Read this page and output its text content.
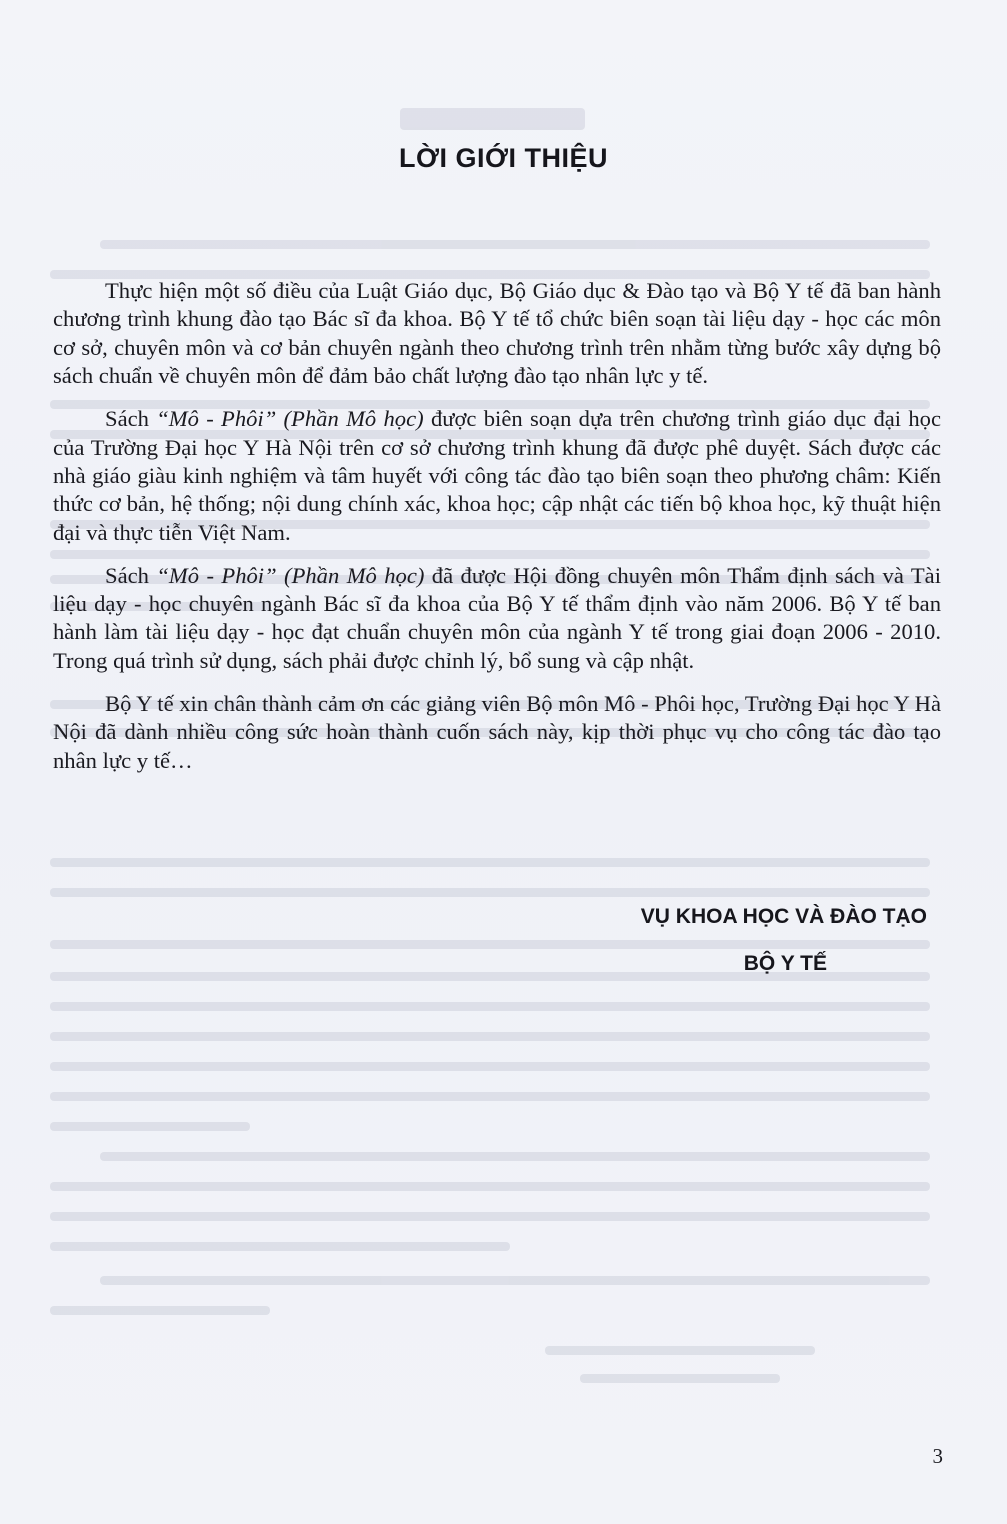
LỜI GIỚI THIỆU

Thực hiện một số điều của Luật Giáo dục, Bộ Giáo dục & Đào tạo và Bộ Y tế đã ban hành chương trình khung đào tạo Bác sĩ đa khoa. Bộ Y tế tổ chức biên soạn tài liệu dạy - học các môn cơ sở, chuyên môn và cơ bản chuyên ngành theo chương trình trên nhằm từng bước xây dựng bộ sách chuẩn về chuyên môn để đảm bảo chất lượng đào tạo nhân lực y tế.

Sách “Mô - Phôi” (Phần Mô học) được biên soạn dựa trên chương trình giáo dục đại học của Trường Đại học Y Hà Nội trên cơ sở chương trình khung đã được phê duyệt. Sách được các nhà giáo giàu kinh nghiệm và tâm huyết với công tác đào tạo biên soạn theo phương châm: Kiến thức cơ bản, hệ thống; nội dung chính xác, khoa học; cập nhật các tiến bộ khoa học, kỹ thuật hiện đại và thực tiễn Việt Nam.

Sách “Mô - Phôi” (Phần Mô học) đã được Hội đồng chuyên môn Thẩm định sách và Tài liệu dạy - học chuyên ngành Bác sĩ đa khoa của Bộ Y tế thẩm định vào năm 2006. Bộ Y tế ban hành làm tài liệu dạy - học đạt chuẩn chuyên môn của ngành Y tế trong giai đoạn 2006 - 2010. Trong quá trình sử dụng, sách phải được chỉnh lý, bổ sung và cập nhật.

Bộ Y tế xin chân thành cảm ơn các giảng viên Bộ môn Mô - Phôi học, Trường Đại học Y Hà Nội đã dành nhiều công sức hoàn thành cuốn sách này, kịp thời phục vụ cho công tác đào tạo nhân lực y tế…

VỤ KHOA HỌC VÀ ĐÀO TẠO
BỘ Y TẾ
3
